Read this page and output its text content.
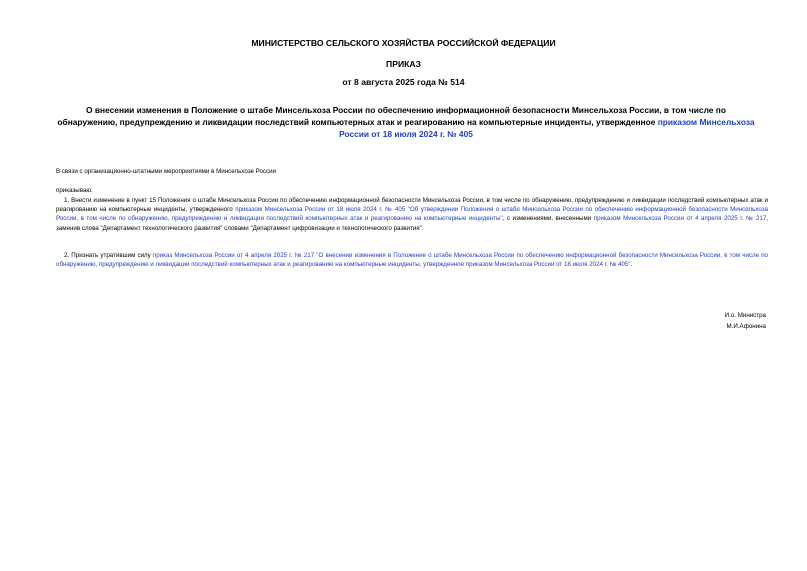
МИНИСТЕРСТВО СЕЛЬСКОГО ХОЗЯЙСТВА РОССИЙСКОЙ ФЕДЕРАЦИИ
ПРИКАЗ
от 8 августа 2025 года № 514
О внесении изменения в Положение о штабе Минсельхоза России по обеспечению информационной безопасности Минсельхоза России, в том числе по обнаружению, предупреждению и ликвидации последствий компьютерных атак и реагированию на компьютерные инциденты, утвержденное приказом Минсельхоза России от 18 июля 2024 г. № 405
В связи с организационно-штатными мероприятиями в Минсельхозе России
приказываю:
1. Внести изменение в пункт 15 Положения о штабе Минсельхоза России по обеспечению информационной безопасности Минсельхоза России, в том числе по обнаружению, предупреждению и ликвидации последствий компьютерных атак и реагированию на компьютерные инциденты, утвержденного приказом Минсельхоза России от 18 июля 2024 г. № 405 "Об утверждении Положения о штабе Минсельхоза России по обеспечению информационной безопасности Минсельхоза России, в том числе по обнаружению, предупреждению и ликвидации последствий компьютерных атак и реагированию на компьютерные инциденты", с изменениями, внесенными приказом Минсельхоза России от 4 апреля 2025 г. № 217, заменив слова "Департамент технологического развития" словами "Департамент цифровизации и технологического развития".
2. Признать утратившим силу приказ Минсельхоза России от 4 апреля 2025 г. № 217 "О внесении изменения в Положение о штабе Минсельхоза России по обеспечению информационной безопасности Минсельхоза России, в том числе по обнаружению, предупреждению и ликвидации последствий компьютерных атак и реагированию на компьютерные инциденты, утвержденное приказом Минсельхоза России от 18 июля 2024 г. № 405".
И.о. Министра
М.И.Афонина
